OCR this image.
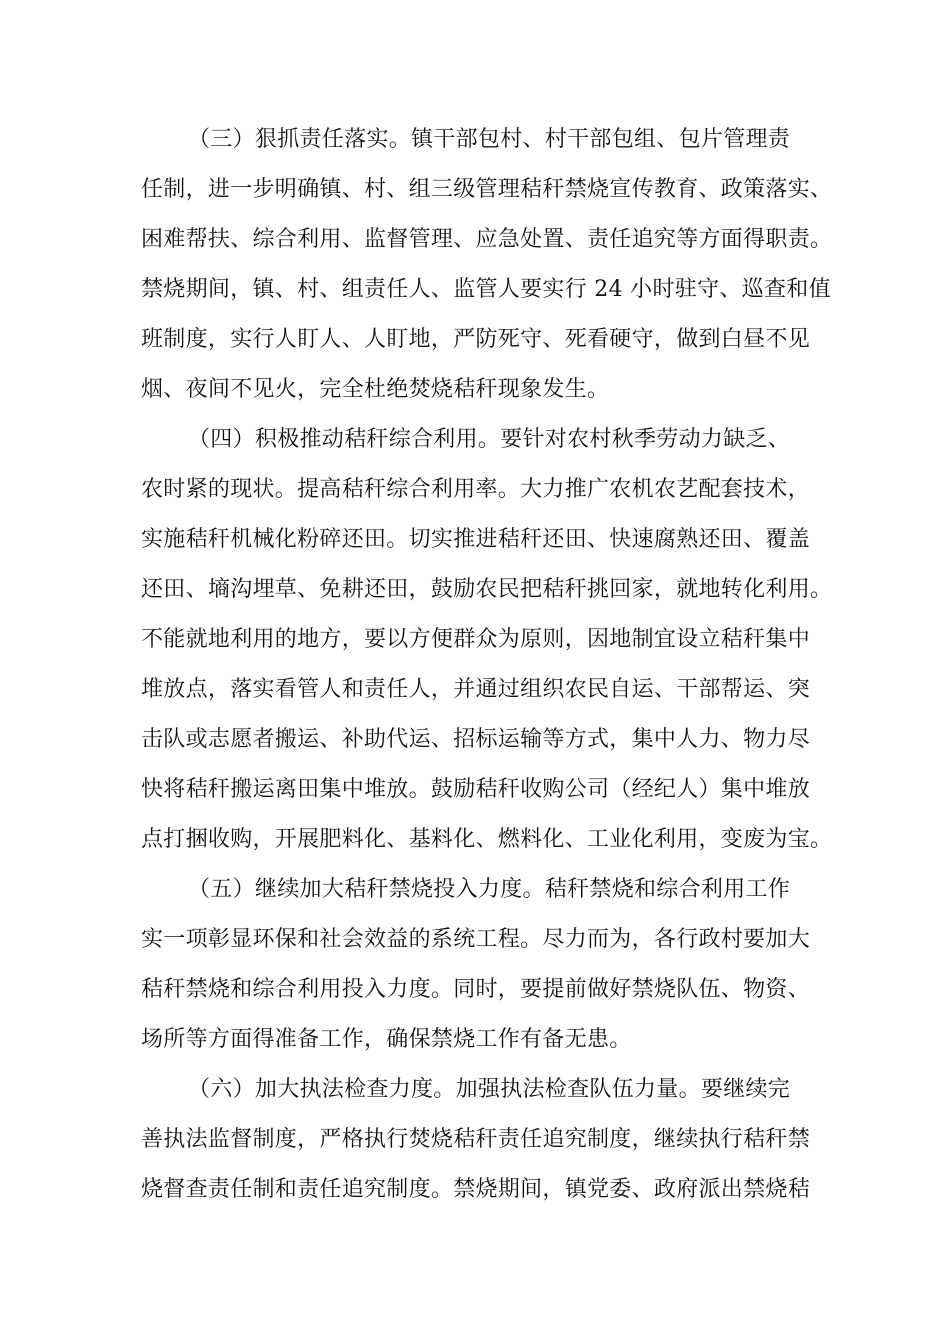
（三）狠抓责任落实。镇干部包村、村干部包组、包片管理责
任制，进一步明确镇、村、组三级管理秸秆禁烧宣传教育、政策落实、
困难帮扶、综合利用、监督管理、应急处置、责任追究等方面得职责。
禁烧期间，镇、村、组责任人、监管人要实行 24 小时驻守、巡查和值
班制度，实行人盯人、人盯地，严防死守、死看硬守，做到白昼不见
烟、夜间不见火，完全杜绝焚烧秸秆现象发生。
（四）积极推动秸秆综合利用。要针对农村秋季劳动力缺乏、
农时紧的现状。提高秸秆综合利用率。大力推广农机农艺配套技术，
实施秸秆机械化粉碎还田。切实推进秸秆还田、快速腐熟还田、覆盖
还田、墒沟埋草、免耕还田，鼓励农民把秸秆挑回家，就地转化利用。
不能就地利用的地方，要以方便群众为原则，因地制宜设立秸秆集中
堆放点，落实看管人和责任人，并通过组织农民自运、干部帮运、突
击队或志愿者搬运、补助代运、招标运输等方式，集中人力、物力尽
快将秸秆搬运离田集中堆放。鼓励秸秆收购公司（经纪人）集中堆放
点打捆收购，开展肥料化、基料化、燃料化、工业化利用，变废为宝。
（五）继续加大秸秆禁烧投入力度。秸秆禁烧和综合利用工作
实一项彰显环保和社会效益的系统工程。尽力而为，各行政村要加大
秸秆禁烧和综合利用投入力度。同时，要提前做好禁烧队伍、物资、
场所等方面得准备工作，确保禁烧工作有备无患。
（六）加大执法检查力度。加强执法检查队伍力量。要继续完
善执法监督制度，严格执行焚烧秸秆责任追究制度，继续执行秸秆禁
烧督查责任制和责任追究制度。禁烧期间，镇党委、政府派出禁烧秸
